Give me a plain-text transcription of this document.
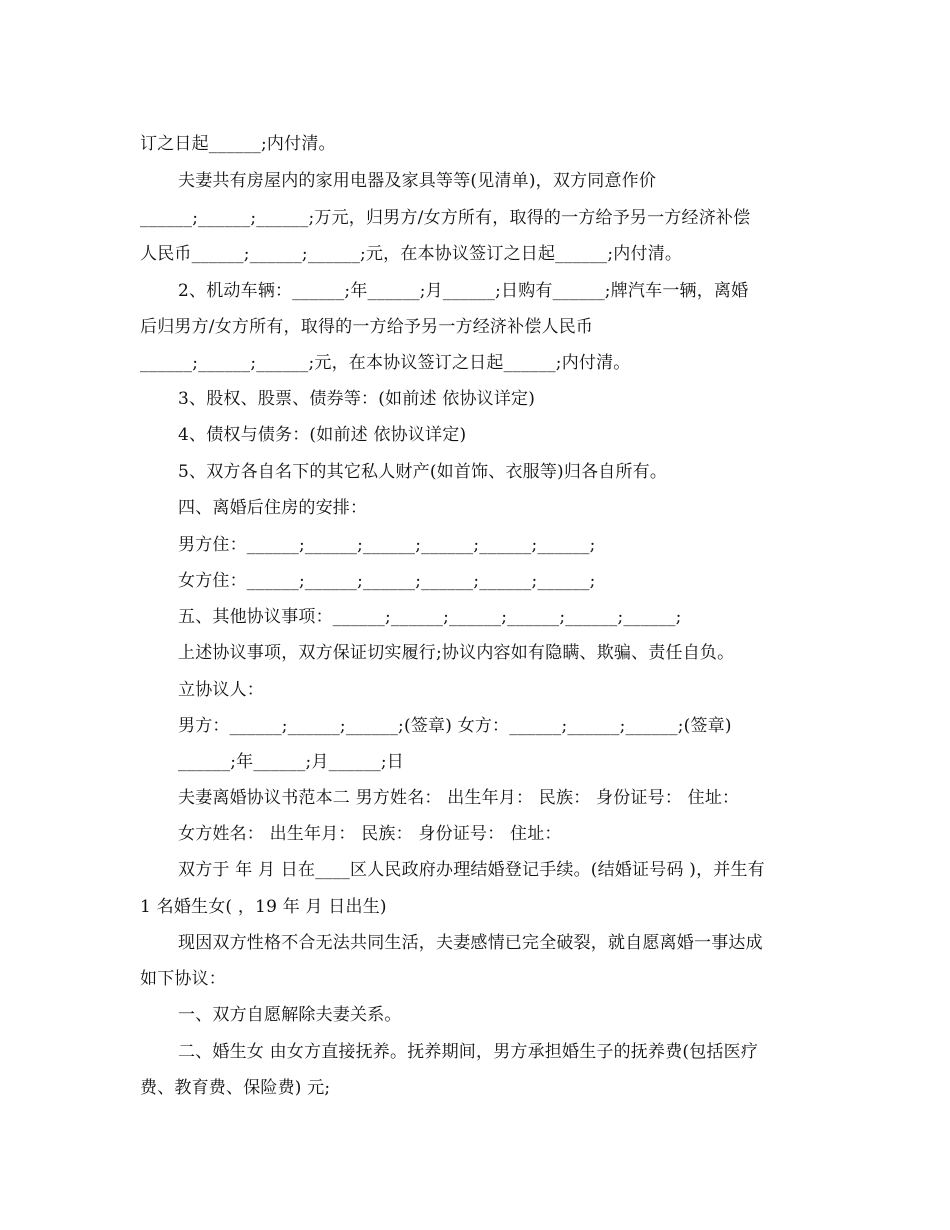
订之日起______;内付清。
夫妻共有房屋内的家用电器及家具等等(见清单)，双方同意作价
______;______;______;万元，归男方/女方所有，取得的一方给予另一方经济补偿
人民币______;______;______;元，在本协议签订之日起______;内付清。
2、机动车辆：______;年______;月______;日购有______;牌汽车一辆，离婚
后归男方/女方所有，取得的一方给予另一方经济补偿人民币
______;______;______;元，在本协议签订之日起______;内付清。
3、股权、股票、债券等：(如前述 依协议详定)
4、债权与债务：(如前述 依协议详定)
5、双方各自名下的其它私人财产(如首饰、衣服等)归各自所有。
四、离婚后住房的安排：
男方住：______;______;______;______;______;______;
女方住：______;______;______;______;______;______;
五、其他协议事项：______;______;______;______;______;______;
上述协议事项，双方保证切实履行;协议内容如有隐瞒、欺骗、责任自负。
立协议人：
男方：______;______;______;(签章) 女方：______;______;______;(签章)
______;年______;月______;日
夫妻离婚协议书范本二 男方姓名： 出生年月： 民族： 身份证号： 住址：
女方姓名： 出生年月： 民族： 身份证号： 住址：
双方于 年 月 日在____区人民政府办理结婚登记手续。(结婚证号码 )，并生有
1 名婚生女( ，19 年 月 日出生)
现因双方性格不合无法共同生活，夫妻感情已完全破裂，就自愿离婚一事达成
如下协议：
一、双方自愿解除夫妻关系。
二、婚生女 由女方直接抚养。抚养期间，男方承担婚生子的抚养费(包括医疗
费、教育费、保险费) 元;
